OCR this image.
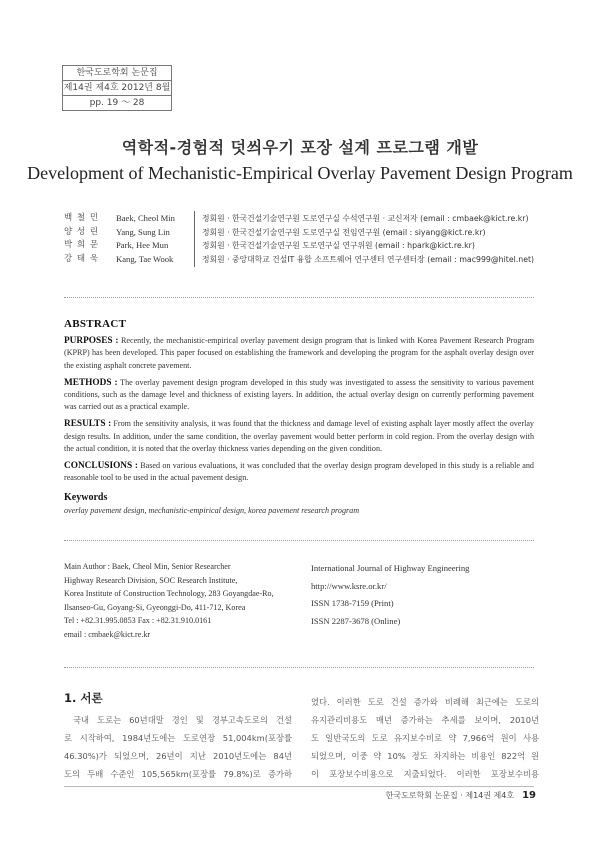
한국도로학회 논문집
제14권 제4호 2012년 8월
pp. 19 ～ 28
역학적-경험적 덧씌우기 포장 설계 프로그램 개발
Development of Mechanistic-Empirical Overlay Pavement Design Program
백 철 민	Baek, Cheol Min	정회원 · 한국건설기술연구원 도로연구실 수석연구원 · 교신저자 (email : cmbaek@kict.re.kr)
양 성 린	Yang, Sung Lin	정회원 · 한국건설기술연구원 도로연구실 전임연구원 (email : siyang@kict.re.kr)
박 희 문	Park, Hee Mun	정회원 · 한국건설기술연구원 도로연구실 연구위원 (email : hpark@kict.re.kr)
강 태 욱	Kang, Tae Wook	정회원 · 중앙대학교 건설IT 융합 소프트웨어 연구센터 연구센터장 (email : mac999@hitel.net)
ABSTRACT

PURPOSES : Recently, the mechanistic-empirical overlay pavement design program that is linked with Korea Pavement Research Program (KPRP) has been developed. This paper focused on establishing the framework and developing the program for the asphalt overlay design over the existing asphalt concrete pavement.

METHODS : The overlay pavement design program developed in this study was investigated to assess the sensitivity to various pavement conditions, such as the damage level and thickness of existing layers. In addition, the actual overlay design on currently performing pavement was carried out as a practical example.

RESULTS : From the sensitivity analysis, it was found that the thickness and damage level of existing asphalt layer mostly affect the overlay design results. In addition, under the same condition, the overlay pavement would better perform in cold region. From the overlay design with the actual condition, it is noted that the overlay thickness varies depending on the given condition.

CONCLUSIONS : Based on various evaluations, it was concluded that the overlay design program developed in this study is a reliable and reasonable tool to be used in the actual pavement design.

Keywords

overlay pavement design, mechanistic-empirical design, korea pavement research program

Main Author : Baek, Cheol Min, Senior Researcher
Highway Research Division, SOC Research Institute,
Korea Institute of Construction Technology, 283 Goyangdae-Ro,
Ilsanseo-Gu, Goyang-Si, Gyeonggi-Do, 411-712, Korea
Tel : +82.31.995.0853 Fax : +82.31.910.0161
email : cmbaek@kict.re.kr
International Journal of Highway Engineering
http://www.ksre.or.kr/
ISSN 1738-7159 (Print)
ISSN 2287-3678 (Online)
1. 서론
국내 도로는 60년대말 경인 및 경부고속도로의 건설
로 시작하여, 1984년도에는 도로연장 51,004km(포장률
46.30%)가 되었으며, 26년이 지난 2010년도에는 84년
도의 두배 수준인 105,565km(포장률 79.8%)로 증가하
였다. 이러한 도로 건설 증가와 비례해 최근에는 도로의
유지관리비용도 매년 증가하는 추세를 보이며, 2010년
도 일반국도의 도로 유지보수비로 약 7,966억 원이 사용
되었으며, 이중 약 10% 정도 차지하는 비용인 822억 원
이 포장보수비용으로 지출되었다. 이러한 포장보수비용
한국도로학회 논문집 · 제14권 제4호 19
